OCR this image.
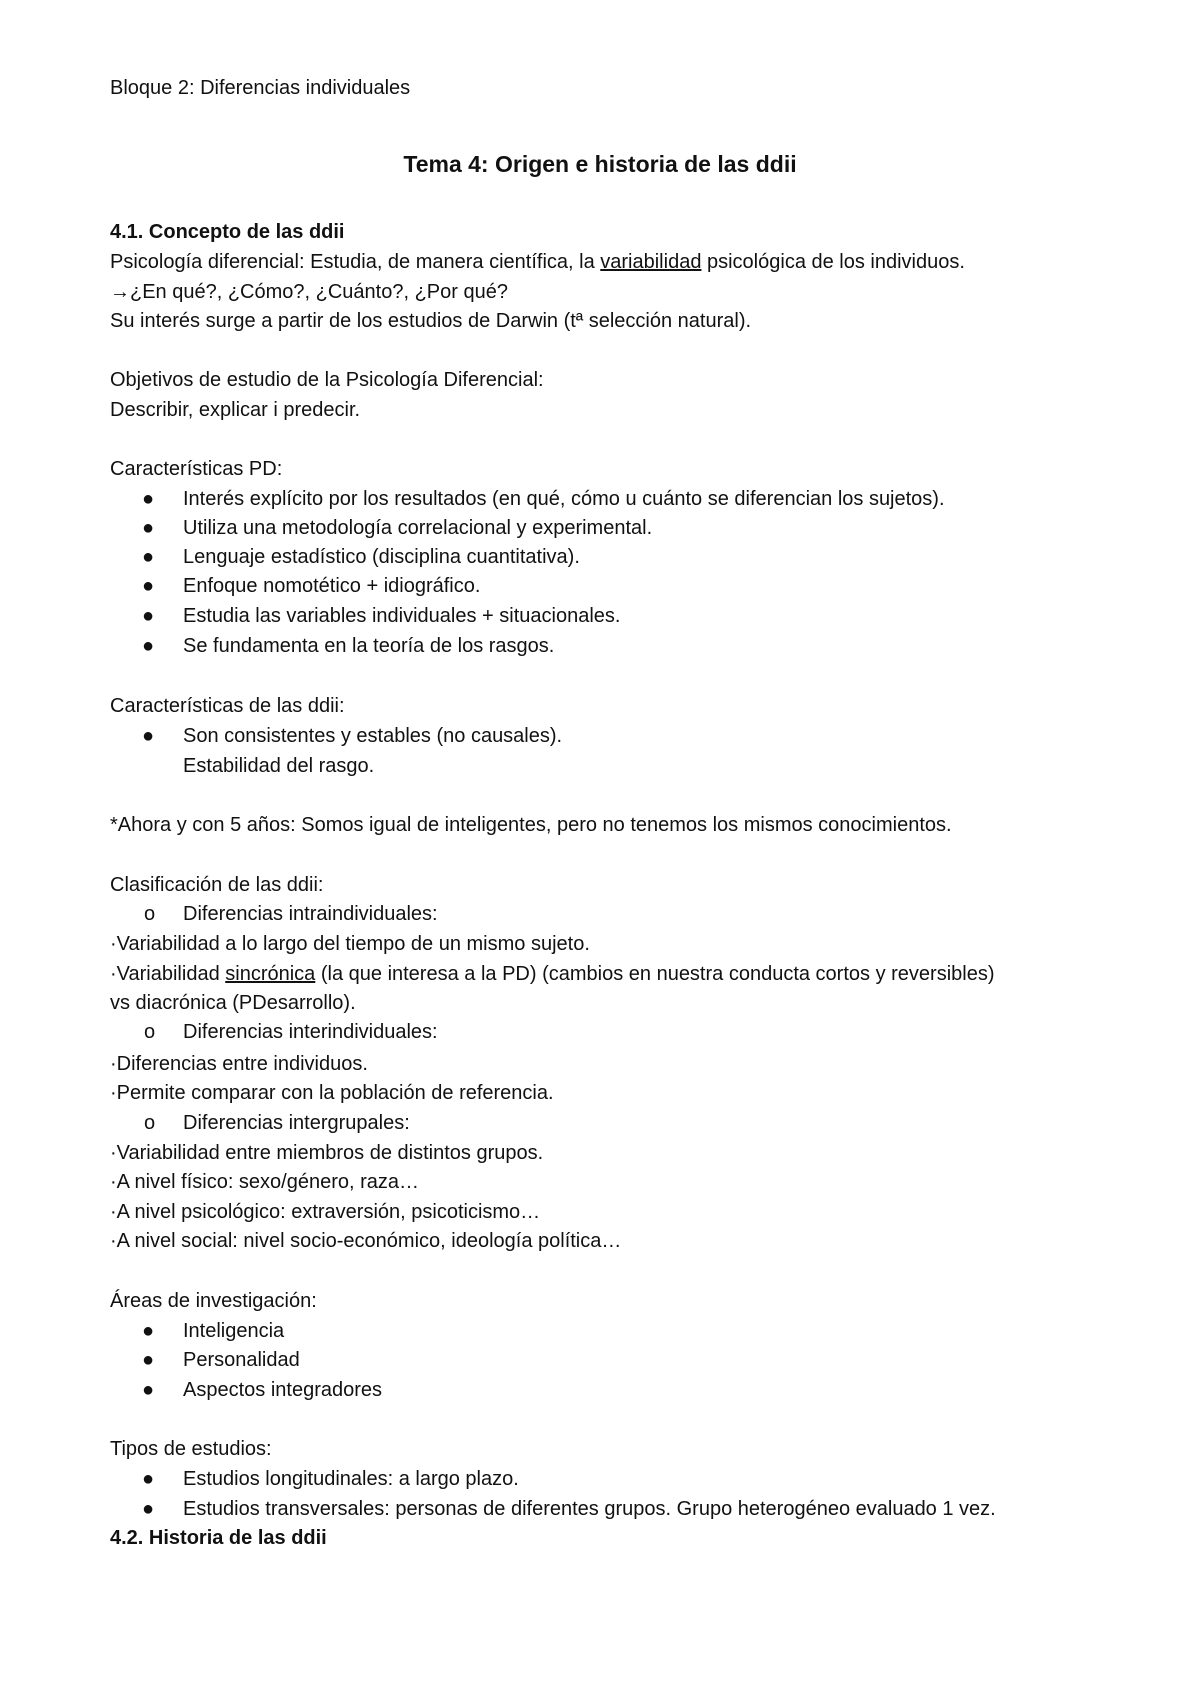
Bloque 2: Diferencias individuales
Tema 4: Origen e historia de las ddii
4.1. Concepto de las ddii
Psicología diferencial: Estudia, de manera científica, la variabilidad psicológica de los individuos.
→¿En qué?, ¿Cómo?, ¿Cuánto?, ¿Por qué?
Su interés surge a partir de los estudios de Darwin (tª selección natural).
Objetivos de estudio de la Psicología Diferencial:
Describir, explicar i predecir.
Características PD:
● Interés explícito por los resultados (en qué, cómo u cuánto se diferencian los sujetos).
● Utiliza una metodología correlacional y experimental.
● Lenguaje estadístico (disciplina cuantitativa).
● Enfoque nomotético + idiográfico.
● Estudia las variables individuales + situacionales.
● Se fundamenta en la teoría de los rasgos.
Características de las ddii:
● Son consistentes y estables (no causales).
Estabilidad del rasgo.
*Ahora y con 5 años: Somos igual de inteligentes, pero no tenemos los mismos conocimientos.
Clasificación de las ddii:
o Diferencias intraindividuales:
·Variabilidad a lo largo del tiempo de un mismo sujeto.
·Variabilidad sincrónica (la que interesa a la PD) (cambios en nuestra conducta cortos y reversibles)
vs diacrónica (PDesarrollo).
o Diferencias interindividuales:
·Diferencias entre individuos.
·Permite comparar con la población de referencia.
o Diferencias intergrupales:
·Variabilidad entre miembros de distintos grupos.
·A nivel físico: sexo/género, raza…
·A nivel psicológico: extraversión, psicoticismo…
·A nivel social: nivel socio-económico, ideología política…
Áreas de investigación:
● Inteligencia
● Personalidad
● Aspectos integradores
Tipos de estudios:
● Estudios longitudinales: a largo plazo.
● Estudios transversales: personas de diferentes grupos. Grupo heterogéneo evaluado 1 vez.
4.2. Historia de las ddii
